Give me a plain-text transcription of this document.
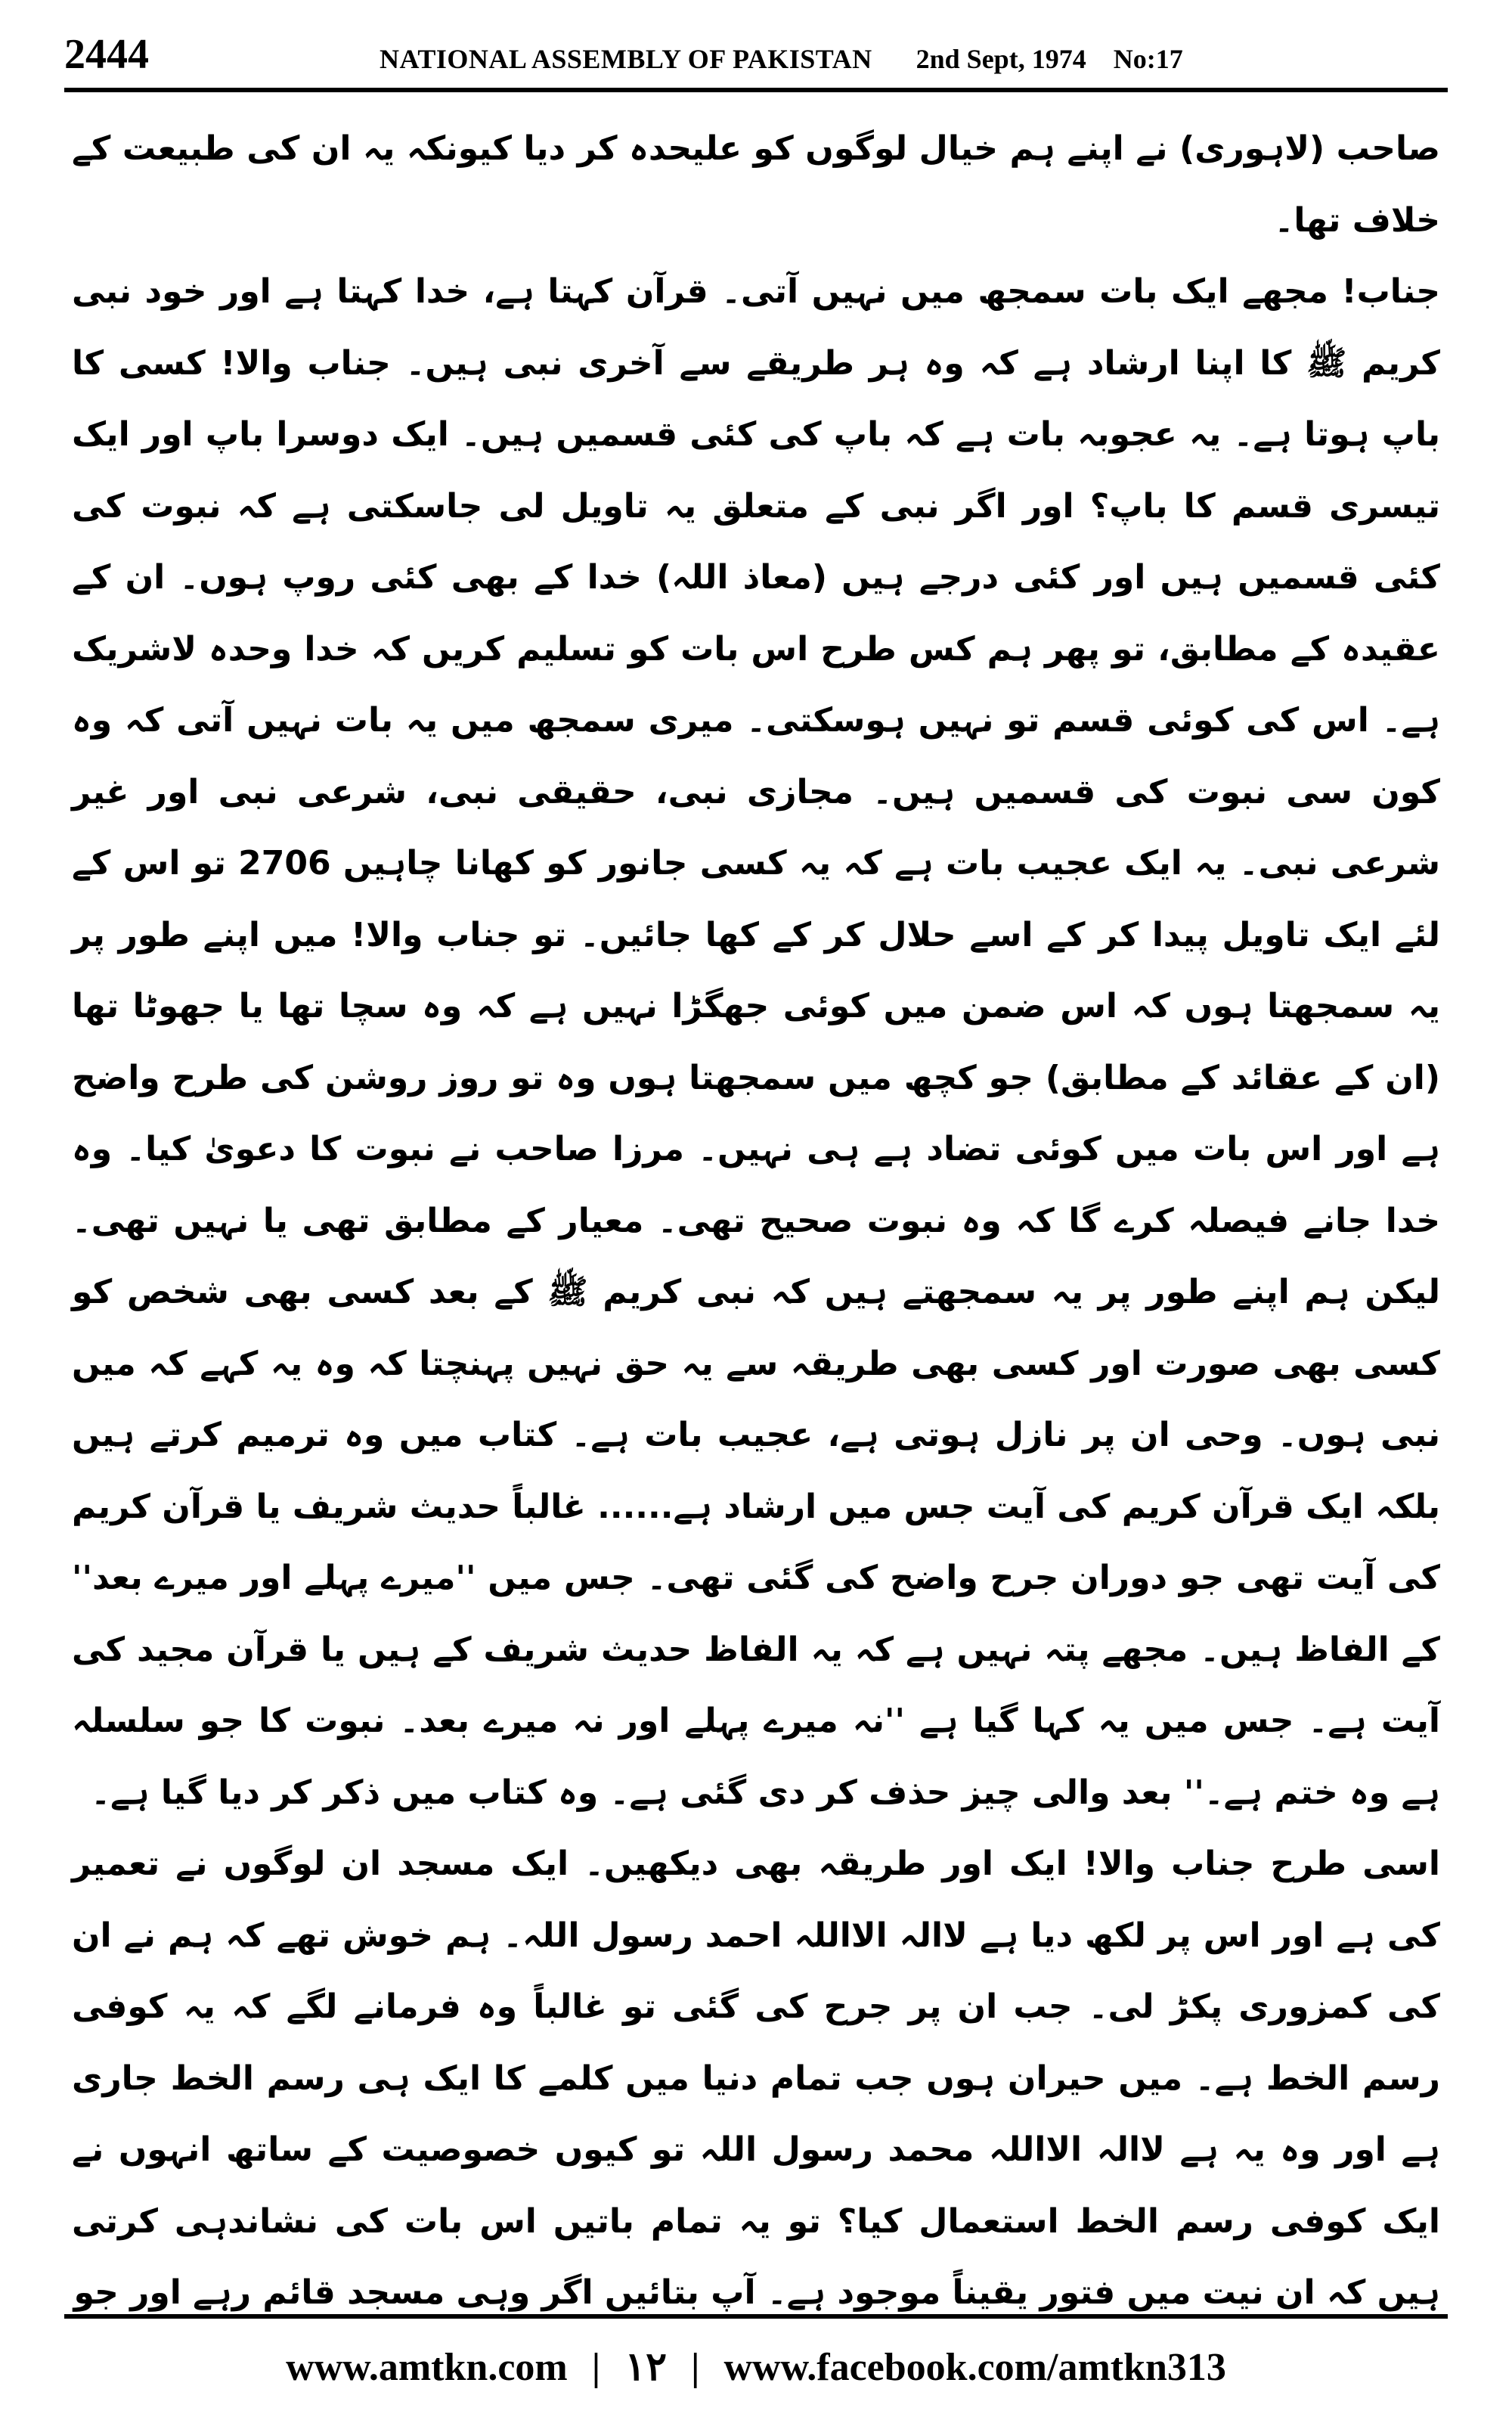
2444	NATIONAL ASSEMBLY OF PAKISTAN 2nd Sept, 1974 No:17

صاحب (لاہوری) نے اپنے ہم خیال لوگوں کو علیحدہ کر دیا کیونکہ یہ ان کی طبیعت کے خلاف تھا۔

جناب! مجھے ایک بات سمجھ میں نہیں آتی۔ قرآن کہتا ہے، خدا کہتا ہے اور خود نبی کریم ﷺ کا اپنا ارشاد ہے کہ وہ ہر طریقے سے آخری نبی ہیں۔ جناب والا! کسی کا باپ ہوتا ہے۔ یہ عجوبہ بات ہے کہ باپ کی کئی قسمیں ہیں۔ ایک دوسرا باپ اور ایک تیسری قسم کا باپ؟ اور اگر نبی کے متعلق یہ تاویل لی جاسکتی ہے کہ نبوت کی کئی قسمیں ہیں اور کئی درجے ہیں (معاذ اللہ) خدا کے بھی کئی روپ ہوں۔ ان کے عقیدہ کے مطابق، تو پھر ہم کس طرح اس بات کو تسلیم کریں کہ خدا وحدہ لاشریک ہے۔ اس کی کوئی قسم تو نہیں ہوسکتی۔ میری سمجھ میں یہ بات نہیں آتی کہ وہ کون سی نبوت کی قسمیں ہیں۔ مجازی نبی، حقیقی نبی، شرعی نبی اور غیر شرعی نبی۔ یہ ایک عجیب بات ہے کہ یہ کسی جانور کو کھانا چاہیں 2706 تو اس کے لئے ایک تاویل پیدا کر کے اسے حلال کر کے کھا جائیں۔ تو جناب والا! میں اپنے طور پر یہ سمجھتا ہوں کہ اس ضمن میں کوئی جھگڑا نہیں ہے کہ وہ سچا تھا یا جھوٹا تھا (ان کے عقائد کے مطابق) جو کچھ میں سمجھتا ہوں وہ تو روز روشن کی طرح واضح ہے اور اس بات میں کوئی تضاد ہے ہی نہیں۔ مرزا صاحب نے نبوت کا دعویٰ کیا۔ وہ خدا جانے فیصلہ کرے گا کہ وہ نبوت صحیح تھی۔ معیار کے مطابق تھی یا نہیں تھی۔ لیکن ہم اپنے طور پر یہ سمجھتے ہیں کہ نبی کریم ﷺ کے بعد کسی بھی شخص کو کسی بھی صورت اور کسی بھی طریقہ سے یہ حق نہیں پہنچتا کہ وہ یہ کہے کہ میں نبی ہوں۔ وحی ان پر نازل ہوتی ہے، عجیب بات ہے۔ کتاب میں وہ ترمیم کرتے ہیں بلکہ ایک قرآن کریم کی آیت جس میں ارشاد ہے...... غالباً حدیث شریف یا قرآن کریم کی آیت تھی جو دوران جرح واضح کی گئی تھی۔ جس میں ''میرے پہلے اور میرے بعد'' کے الفاظ ہیں۔ مجھے پتہ نہیں ہے کہ یہ الفاظ حدیث شریف کے ہیں یا قرآن مجید کی آیت ہے۔ جس میں یہ کہا گیا ہے ''نہ میرے پہلے اور نہ میرے بعد۔ نبوت کا جو سلسلہ ہے وہ ختم ہے۔'' بعد والی چیز حذف کر دی گئی ہے۔ وہ کتاب میں ذکر کر دیا گیا ہے۔

اسی طرح جناب والا! ایک اور طریقہ بھی دیکھیں۔ ایک مسجد ان لوگوں نے تعمیر کی ہے اور اس پر لکھ دیا ہے لاالہ الااللہ احمد رسول اللہ۔ ہم خوش تھے کہ ہم نے ان کی کمزوری پکڑ لی۔ جب ان پر جرح کی گئی تو غالباً وہ فرمانے لگے کہ یہ کوفی رسم الخط ہے۔ میں حیران ہوں جب تمام دنیا میں کلمے کا ایک ہی رسم الخط جاری ہے اور وہ یہ ہے لاالہ الااللہ محمد رسول اللہ تو کیوں خصوصیت کے ساتھ انہوں نے ایک کوفی رسم الخط استعمال کیا؟ تو یہ تمام باتیں اس بات کی نشاندہی کرتی ہیں کہ ان نیت میں فتور یقیناً موجود ہے۔ آپ بتائیں اگر وہی مسجد قائم رہے اور جو

www.amtkn.com | ۱۲ | www.facebook.com/amtkn313
